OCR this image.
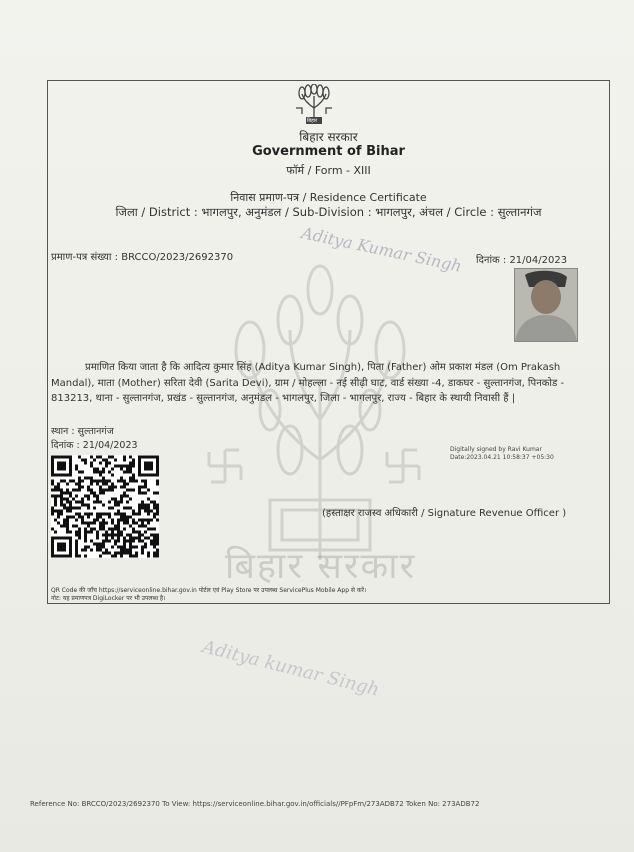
बिहार सरकार
Aditya Kumar Singh
Aditya kumar Singh
बिहार
बिहार सरकार
Government of Bihar
फॉर्म / Form - XIII
निवास प्रमाण-पत्र / Residence Certificate
जिला / District : भागलपुर, अनुमंडल / Sub-Division : भागलपुर, अंचल / Circle : सुल्तानगंज
प्रमाण-पत्र संख्या : BRCCO/2023/2692370	दिनांक : 21/04/2023
प्रमाणित किया जाता है कि आदित्य कुमार सिंह (Aditya Kumar Singh), पिता (Father) ओम प्रकाश मंडल (Om Prakash Mandal), माता (Mother) सरिता देवी (Sarita Devi), ग्राम / मोहल्ला - नई सीढ़ी घाट, वार्ड संख्या -4, डाकघर - सुल्तानगंज, पिनकोड - 813213, थाना - सुल्तानगंज, प्रखंड - सुल्तानगंज, अनुमंडल - भागलपुर, जिला - भागलपुर, राज्य - बिहार के स्थायी निवासी हैं |
स्थान : सुल्तानगंज
दिनांक : 21/04/2023	Digitally signed by Ravi Kumar
Date:2023.04.21 10:58:37 +05:30
(हस्ताक्षर राजस्व अधिकारी / Signature Revenue Officer )
QR Code की जाँच https://serviceonline.bihar.gov.in पोर्टल एवं Play Store पर उपलब्ध ServicePlus Mobile App से करें।
नोट: यह प्रमाणपत्र DigiLocker पर भी उपलब्ध है।
Reference No: BRCCO/2023/2692370 To View: https://serviceonline.bihar.gov.in/officials//PFpFm/273ADB72 Token No: 273ADB72
